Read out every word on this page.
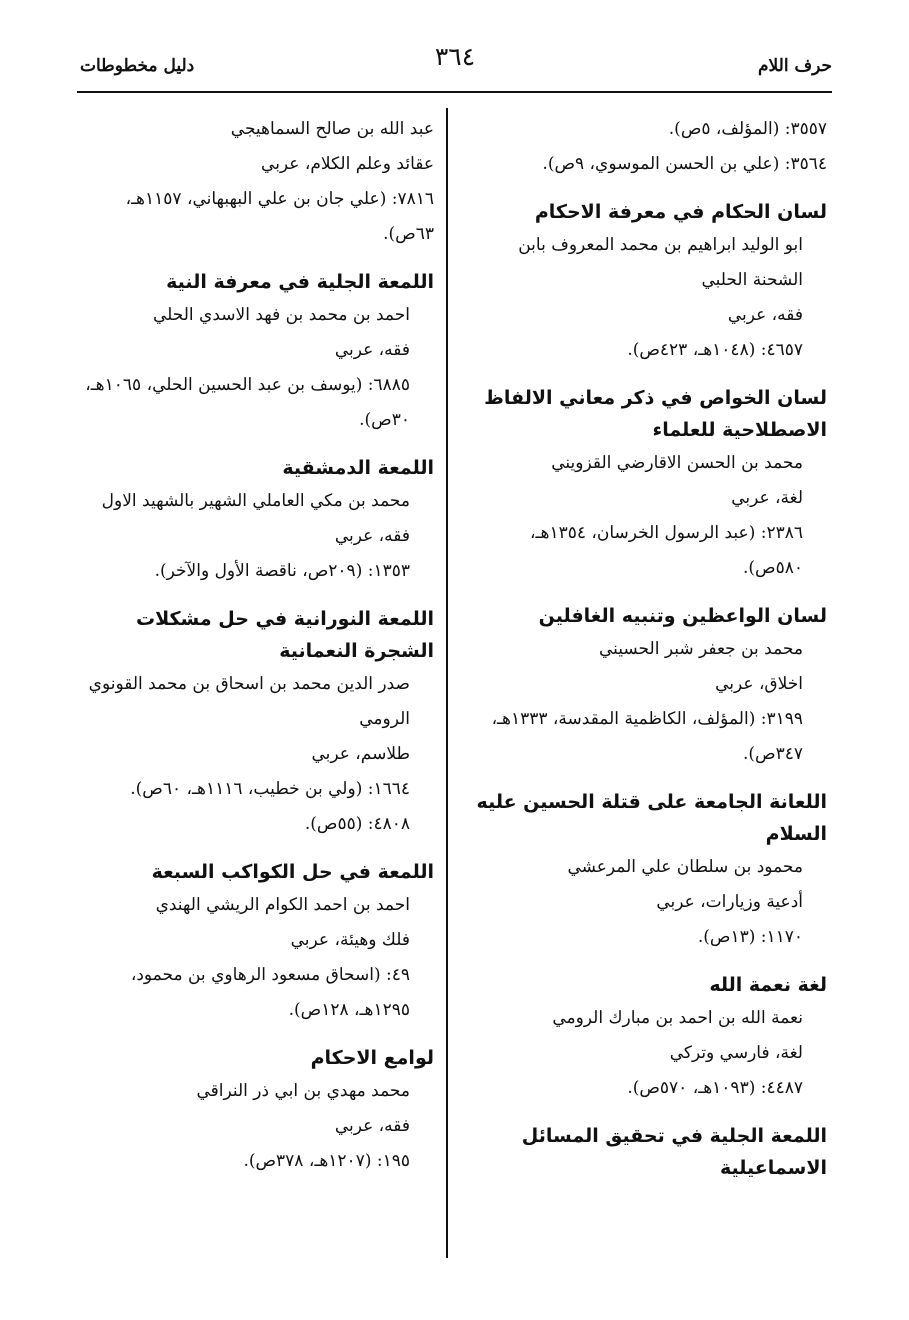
حرف اللام
٣٦٤
دليل مخطوطات
٣٥٥٧: (المؤلف، ٥ص).
٣٥٦٤: (علي بن الحسن الموسوي، ٩ص).
لسان الحكام في معرفة الاحكام
ابو الوليد ابراهيم بن محمد المعروف بابن الشحنة الحلبي
فقه، عربي
٤٦٥٧: (١٠٤٨هـ، ٤٢٣ص).
لسان الخواص في ذكر معاني الالفاظ الاصطلاحية للعلماء
محمد بن الحسن الاقارضي القزويني
لغة، عربي
٢٣٨٦: (عبد الرسول الخرسان، ١٣٥٤هـ، ٥٨٠ص).
لسان الواعظين وتنبيه الغافلين
محمد بن جعفر شبر الحسيني
اخلاق، عربي
٣١٩٩: (المؤلف، الكاظمية المقدسة، ١٣٣٣هـ، ٣٤٧ص).
اللعانة الجامعة على قتلة الحسين عليه السلام
محمود بن سلطان علي المرعشي
أدعية وزيارات، عربي
١١٧٠: (١٣ص).
لغة نعمة الله
نعمة الله بن احمد بن مبارك الرومي
لغة، فارسي وتركي
٤٤٨٧: (١٠٩٣هـ، ٥٧٠ص).
اللمعة الجلية في تحقيق المسائل الاسماعيلية
عبد الله بن صالح السماهيجي
عقائد وعلم الكلام، عربي
٧٨١٦: (علي جان بن علي البهبهاني، ١١٥٧هـ، ٦٣ص).
اللمعة الجلية في معرفة النية
احمد بن محمد بن فهد الاسدي الحلي
فقه، عربي
٦٨٨٥: (يوسف بن عبد الحسين الحلي، ١٠٦٥هـ، ٣٠ص).
اللمعة الدمشقية
محمد بن مكي العاملي الشهير بالشهيد الاول
فقه، عربي
١٣٥٣: (٢٠٩ص، ناقصة الأول والآخر).
اللمعة النورانية في حل مشكلات الشجرة النعمانية
صدر الدين محمد بن اسحاق بن محمد القونوي الرومي
طلاسم، عربي
١٦٦٤: (ولي بن خطيب، ١١١٦هـ، ٦٠ص).
٤٨٠٨: (٥٥ص).
اللمعة في حل الكواكب السبعة
احمد بن احمد الكوام الريشي الهندي
فلك وهيئة، عربي
٤٩: (اسحاق مسعود الرهاوي بن محمود، ١٢٩٥هـ، ١٢٨ص).
لوامع الاحكام
محمد مهدي بن ابي ذر النراقي
فقه، عربي
١٩٥: (١٢٠٧هـ، ٣٧٨ص).
